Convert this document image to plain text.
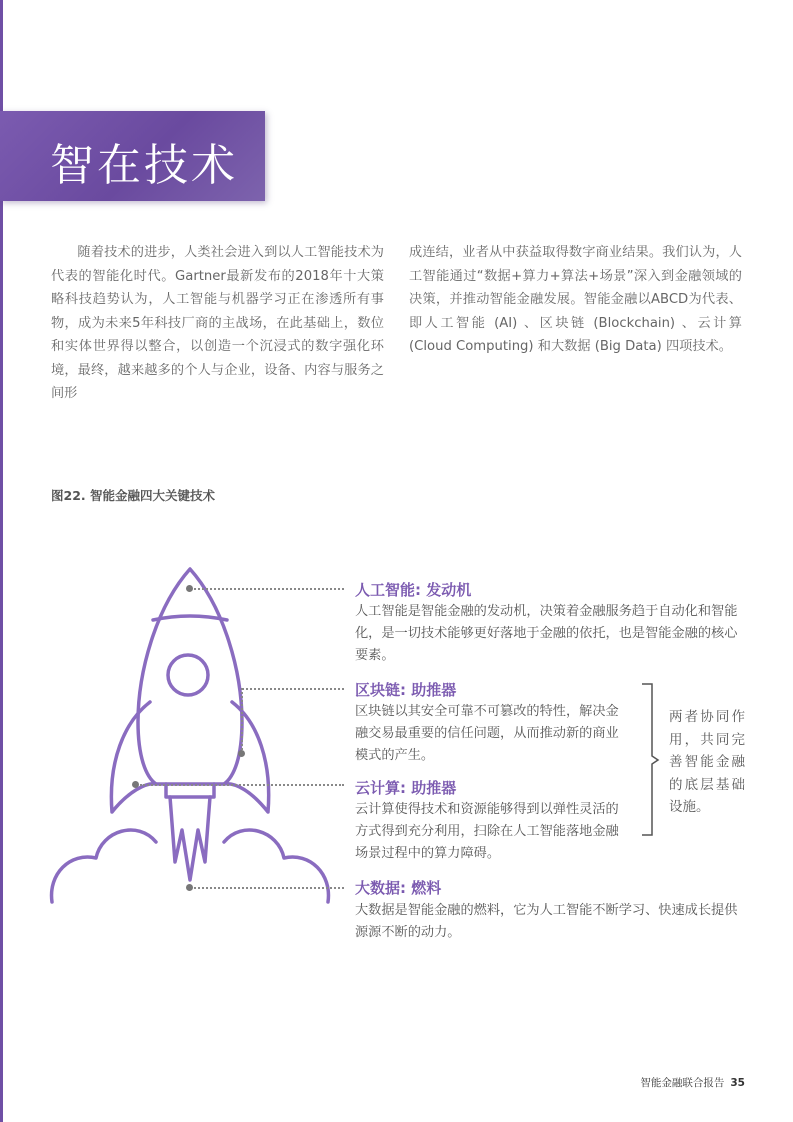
智在技术

随着技术的进步，人类社会进入到以人工智能技术为代表的智能化时代。Gartner最新发布的2018年十大策略科技趋势认为，人工智能与机器学习正在渗透所有事物，成为未来5年科技厂商的主战场，在此基础上，数位和实体世界得以整合，以创造一个沉浸式的数字强化环境，最终，越来越多的个人与企业，设备、内容与服务之间形

成连结，业者从中获益取得数字商业结果。我们认为，人工智能通过“数据+算力+算法+场景”深入到金融领域的决策，并推动智能金融发展。智能金融以ABCD为代表、即人工智能 (AI) 、区块链 (Blockchain) 、云计算 (Cloud Computing) 和大数据 (Big Data) 四项技术。

图22. 智能金融四大关键技术
人工智能: 发动机
人工智能是智能金融的发动机，决策着金融服务趋于自动化和智能化，是一切技术能够更好落地于金融的依托，也是智能金融的核心要素。
区块链: 助推器
区块链以其安全可靠不可篡改的特性，解决金融交易最重要的信任问题，从而推动新的商业模式的产生。
云计算: 助推器
云计算使得技术和资源能够得到以弹性灵活的方式得到充分利用，扫除在人工智能落地金融场景过程中的算力障碍。
大数据: 燃料
大数据是智能金融的燃料，它为人工智能不断学习、快速成长提供源源不断的动力。
两者协同作用，共同完善智能金融的底层基础设施。
智能金融联合报告 35
